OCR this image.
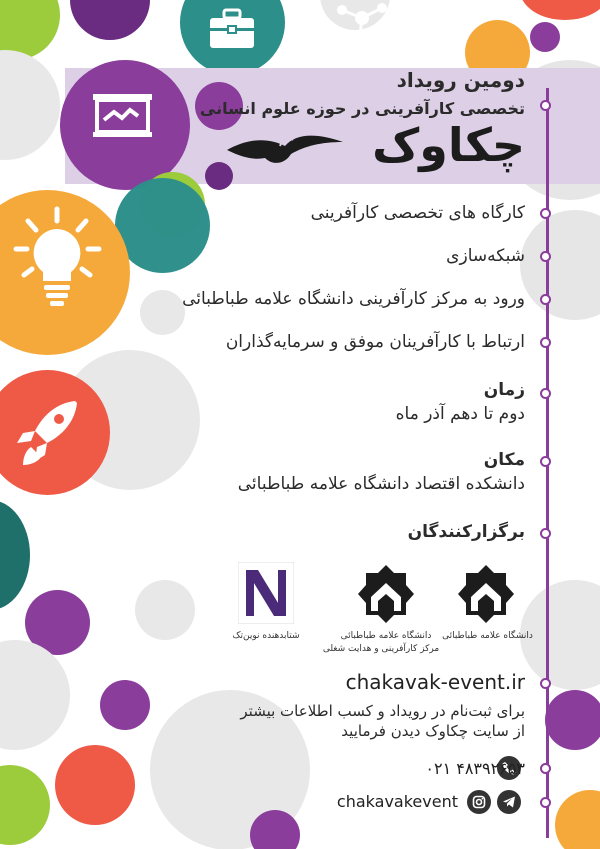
دومین رویداد
تخصصی کارآفرینی در حوزه علوم انسانی
چکاوک
کارگاه های تخصصی کارآفرینی
شبکه‌سازی
ورود به مرکز کارآفرینی دانشگاه علامه طباطبائی
ارتباط با کارآفرینان موفق و سرمایه‌گذاران
زمان
دوم تا دهم آذر ماه
مکان
دانشکده اقتصاد دانشگاه علامه طباطبائی
برگزارکنندگان
دانشگاه علامه طباطبائی
دانشگاه علامه طباطبائی
مرکز کارآفرینی و هدایت شغلی
شتابدهنده نوین‌تک
chakavak-event.ir
برای ثبت‌نام در رویداد و کسب اطلاعات بیشتر
از سایت چکاوک دیدن فرمایید
۰۲۱ ۴۸۳۹۲۶۵۳
chakavakevent
